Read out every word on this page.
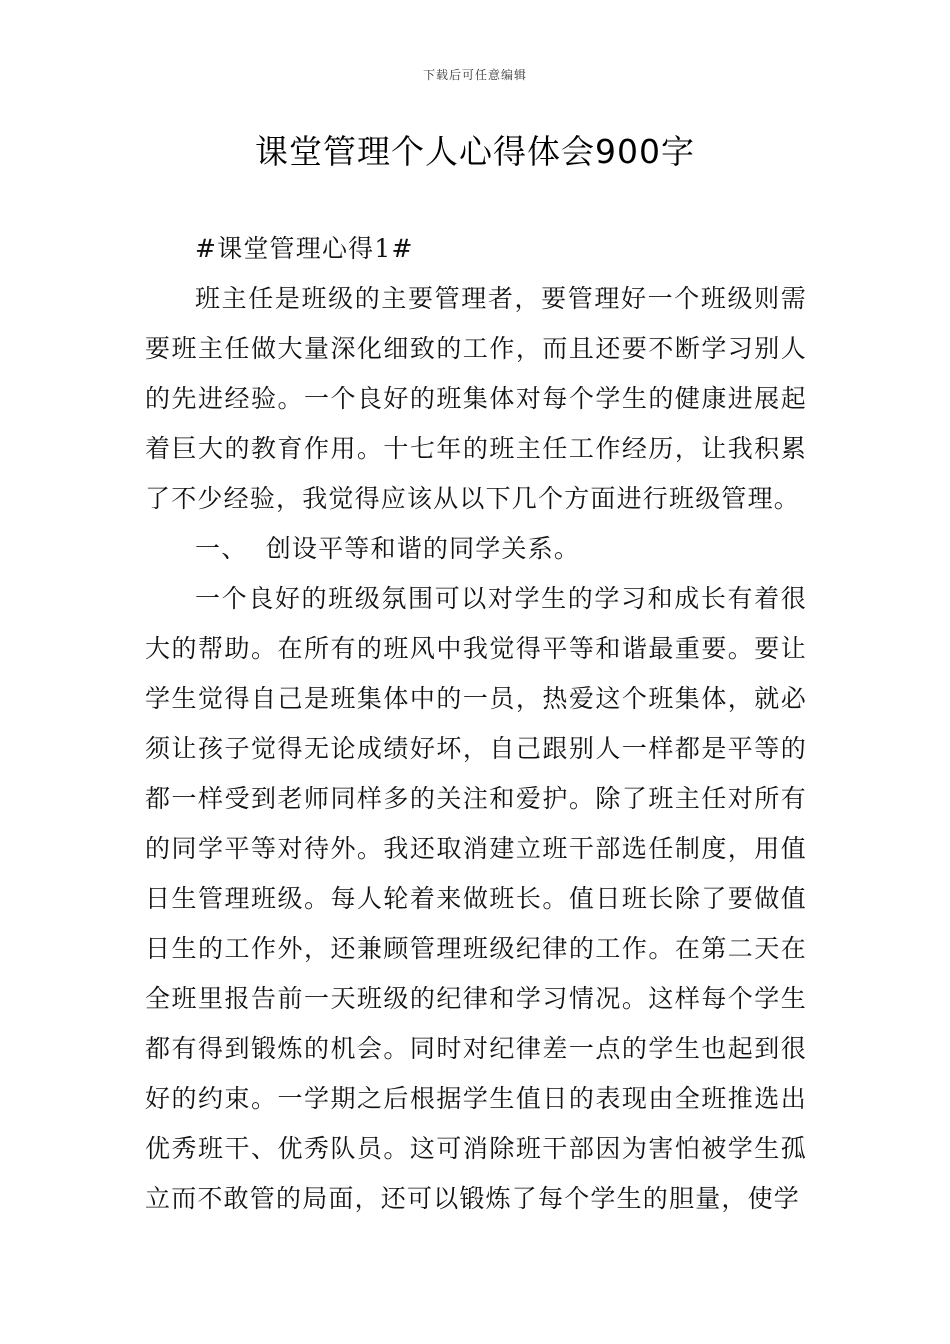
下载后可任意编辑
课堂管理个人心得体会900字

#课堂管理心得1#

班主任是班级的主要管理者，要管理好一个班级则需要班主任做大量深化细致的工作，而且还要不断学习别人的先进经验。一个良好的班集体对每个学生的健康进展起着巨大的教育作用。十七年的班主任工作经历，让我积累了不少经验，我觉得应该从以下几个方面进行班级管理。

一、 创设平等和谐的同学关系。

一个良好的班级氛围可以对学生的学习和成长有着很大的帮助。在所有的班风中我觉得平等和谐最重要。要让学生觉得自己是班集体中的一员，热爱这个班集体，就必须让孩子觉得无论成绩好坏，自己跟别人一样都是平等的都一样受到老师同样多的关注和爱护。除了班主任对所有的同学平等对待外。我还取消建立班干部选任制度，用值日生管理班级。每人轮着来做班长。值日班长除了要做值日生的工作外，还兼顾管理班级纪律的工作。在第二天在全班里报告前一天班级的纪律和学习情况。这样每个学生都有得到锻炼的机会。同时对纪律差一点的学生也起到很好的约束。一学期之后根据学生值日的表现由全班推选出优秀班干、优秀队员。这可消除班干部因为害怕被学生孤立而不敢管的局面，还可以锻炼了每个学生的胆量，使学
